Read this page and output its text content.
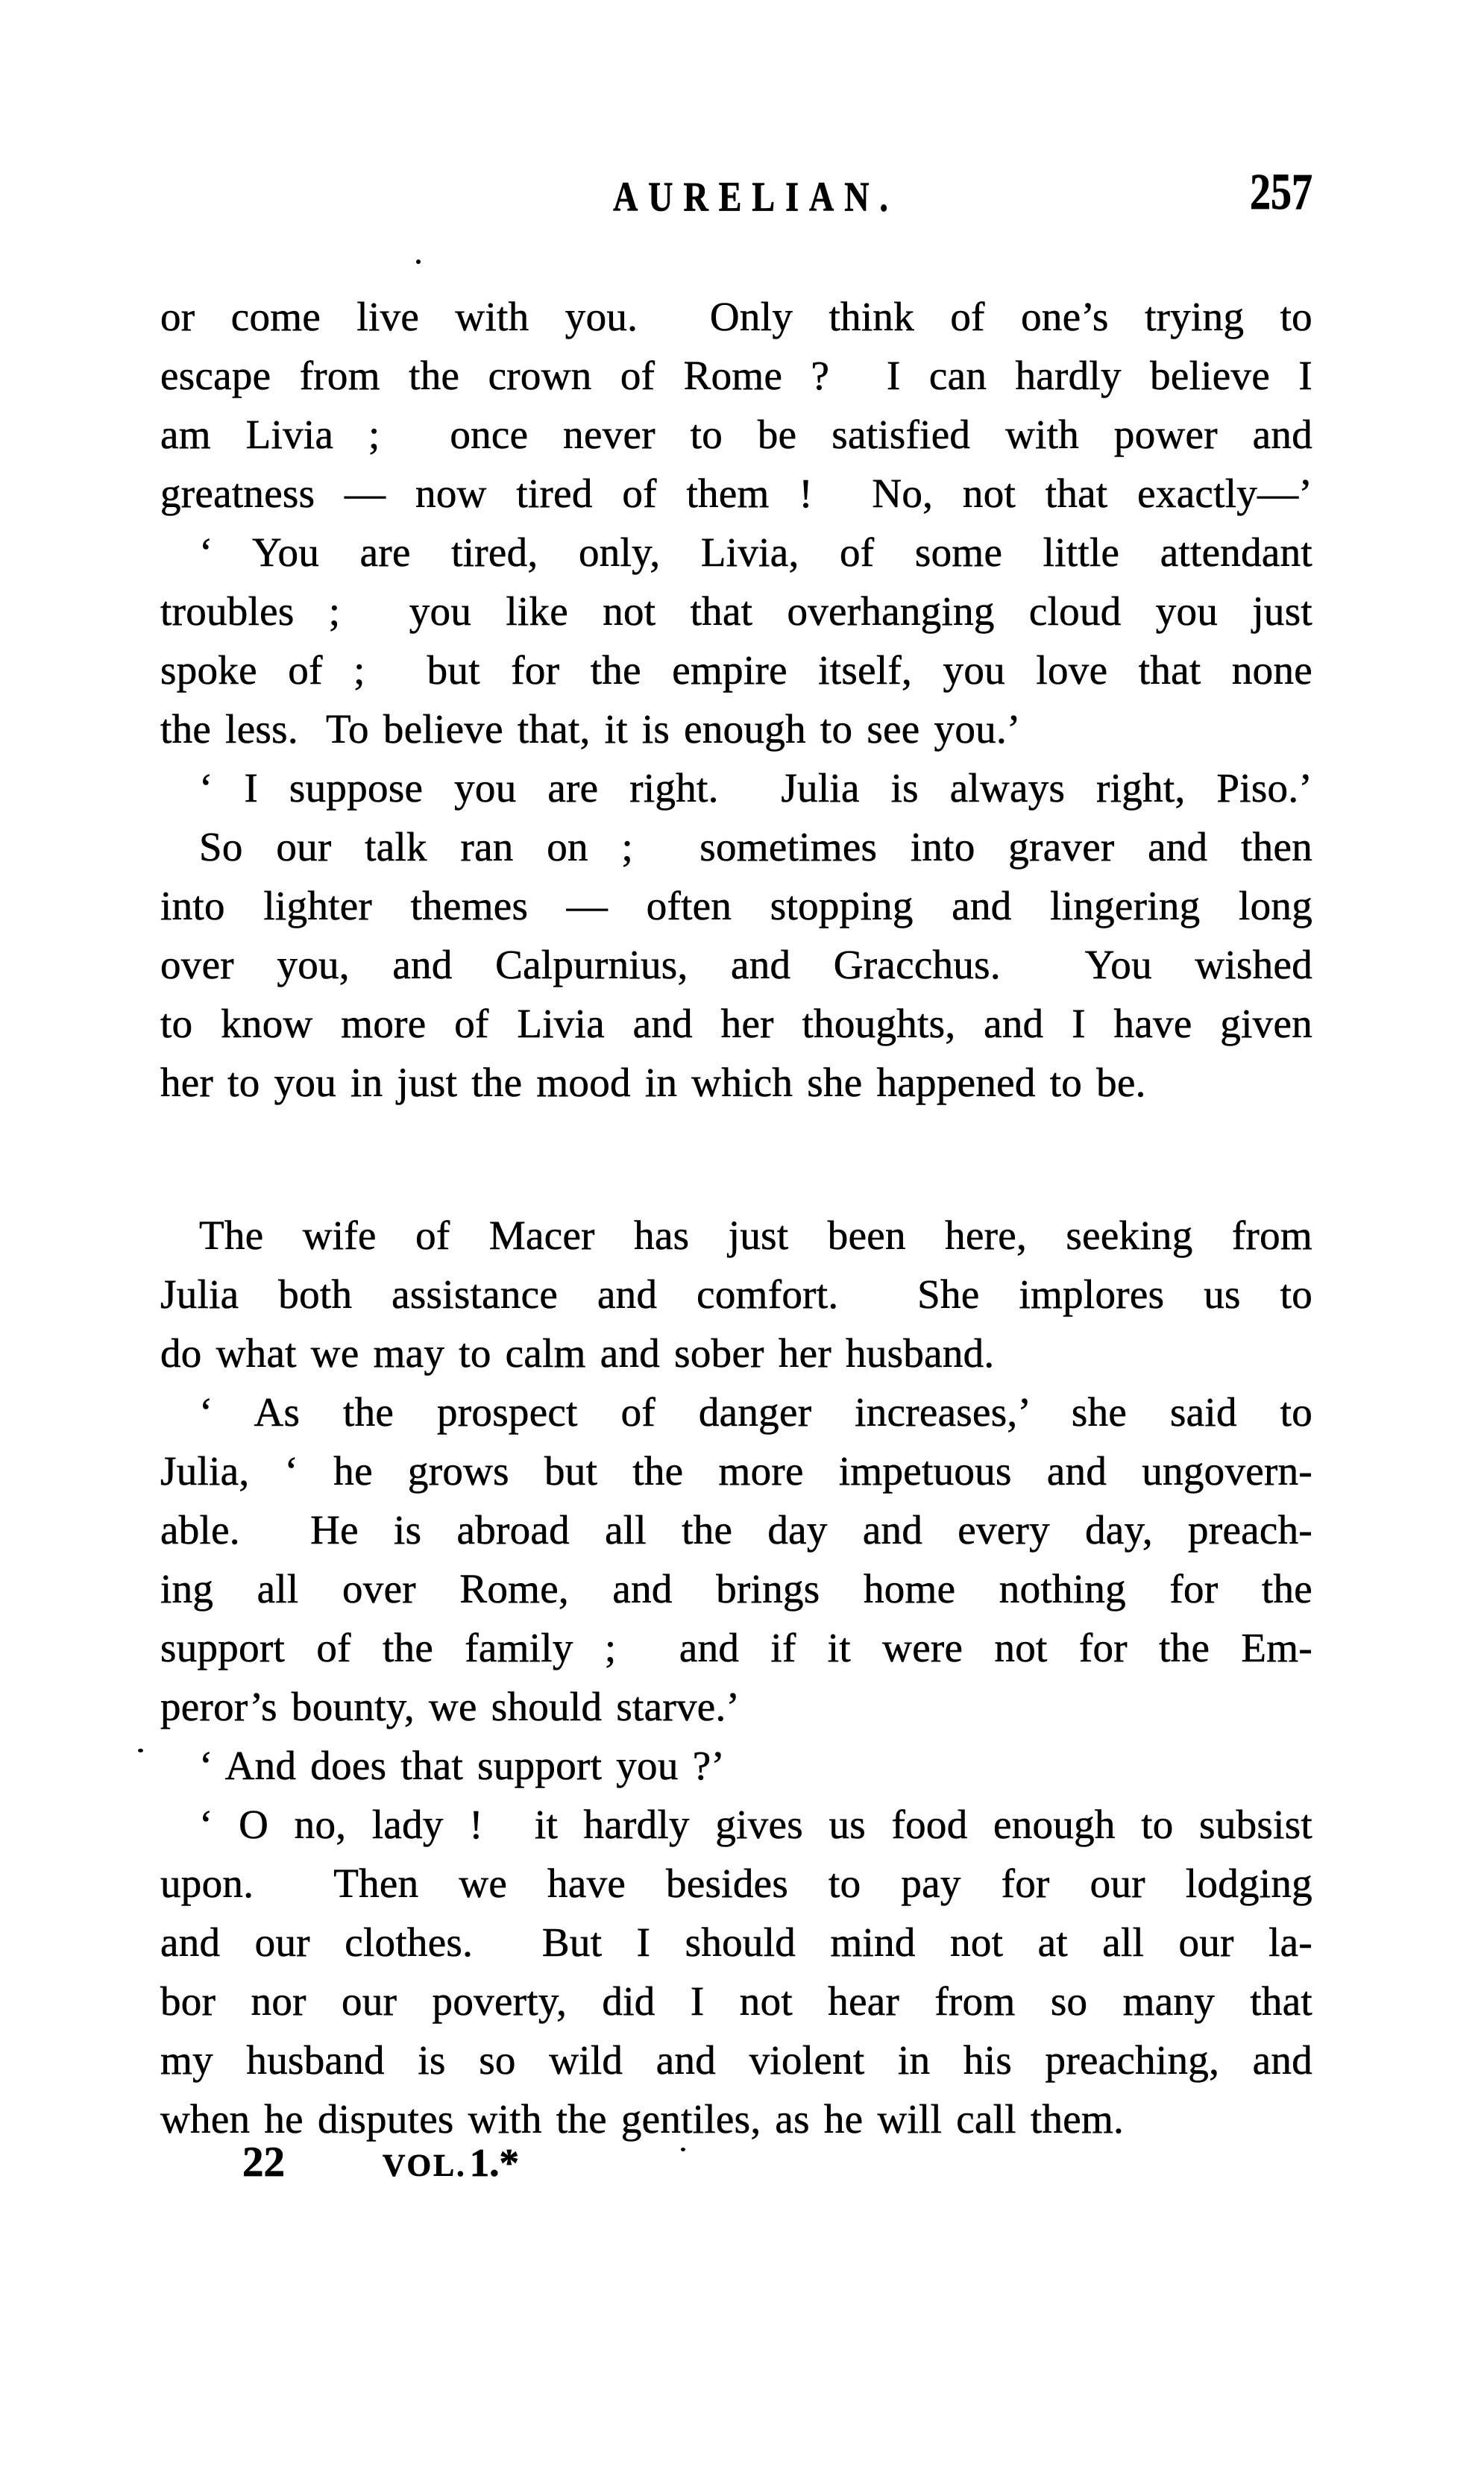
AURELIAN.	257
or come live with you.  Only think of one’s trying to
escape from the crown of Rome ?  I can hardly believe I
am Livia ;  once never to be satisfied with power and
greatness — now tired of them !  No, not that exactly—’
‘ You are tired, only, Livia, of some little attendant
troubles ;  you like not that overhanging cloud you just
spoke of ;  but for the empire itself, you love that none
the less.  To believe that, it is enough to see you.’
‘ I suppose you are right.  Julia is always right, Piso.’
So our talk ran on ;  sometimes into graver and then
into lighter themes — often stopping and lingering long
over you, and Calpurnius, and Gracchus.  You wished
to know more of Livia and her thoughts, and I have given
her to you in just the mood in which she happened to be.
The wife of Macer has just been here, seeking from
Julia both assistance and comfort.  She implores us to
do what we may to calm and sober her husband.
‘ As the prospect of danger increases,’ she said to
Julia, ‘ he grows but the more impetuous and ungovern-
able.  He is abroad all the day and every day, preach-
ing all over Rome, and brings home nothing for the
support of the family ;  and if it were not for the Em-
peror’s bounty, we should starve.’
‘ And does that support you ?’
‘ O no, lady !  it hardly gives us food enough to subsist
upon.  Then we have besides to pay for our lodging
and our clothes.  But I should mind not at all our la-
bor nor our poverty, did I not hear from so many that
my husband is so wild and violent in his preaching, and
when he disputes with the gentiles, as he will call them.
22	VOL. 1.*
